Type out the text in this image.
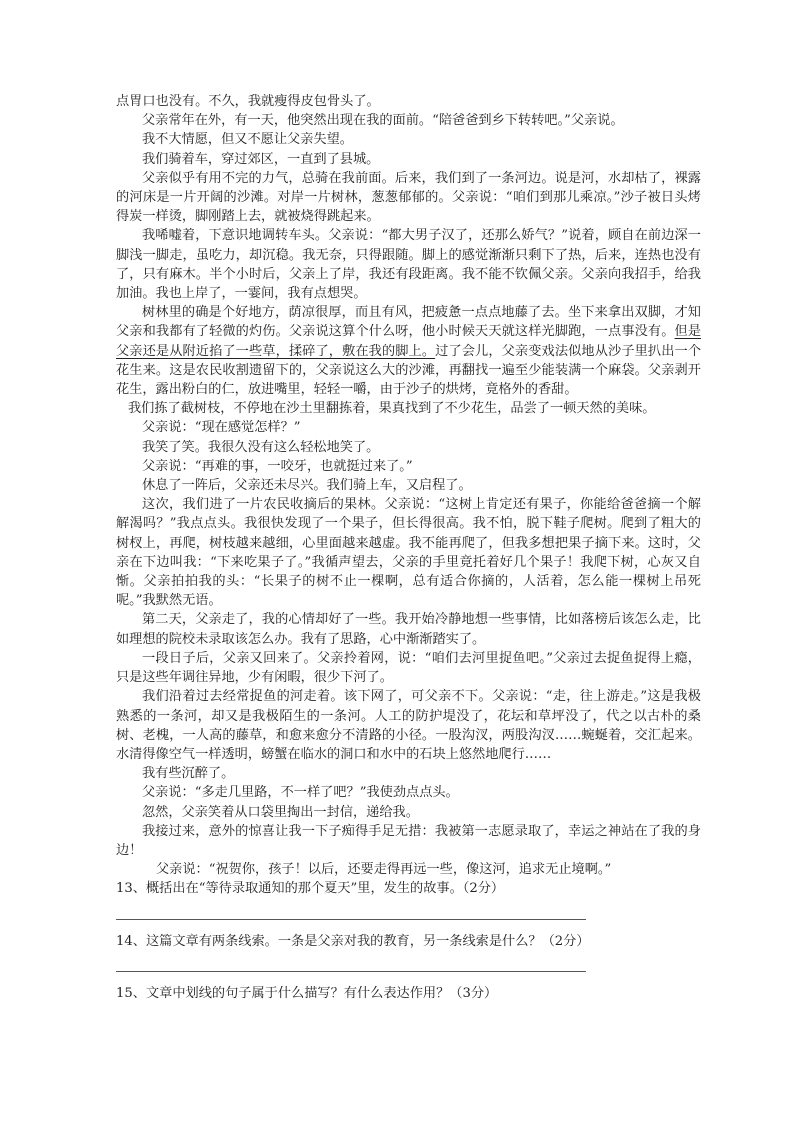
点胃口也没有。不久，我就瘦得皮包骨头了。

父亲常年在外，有一天，他突然出现在我的面前。“陪爸爸到乡下转转吧。”父亲说。

我不大情愿，但又不愿让父亲失望。

我们骑着车，穿过郊区，一直到了县城。

父亲似乎有用不完的力气，总骑在我前面。后来，我们到了一条河边。说是河，水却枯了，裸露的河床是一片开阔的沙滩。对岸一片树林，葱葱郁郁的。父亲说：“咱们到那儿乘凉。”沙子被日头烤得炭一样烫，脚刚踏上去，就被烧得跳起来。

我唏嘘着，下意识地调转车头。父亲说：“都大男子汉了，还那么娇气？”说着，顾自在前边深一脚浅一脚走，虽吃力，却沉稳。我无奈，只得跟随。脚上的感觉渐渐只剩下了热，后来，连热也没有了，只有麻木。半个小时后，父亲上了岸，我还有段距离。我不能不钦佩父亲。父亲向我招手，给我加油。我也上岸了，一霎间，我有点想哭。

树林里的确是个好地方，荫凉很厚，而且有风，把疲惫一点点地藤了去。坐下来拿出双脚，才知父亲和我都有了轻微的灼伤。父亲说这算个什么呀，他小时候天天就这样光脚跑，一点事没有。但是父亲还是从附近掐了一些草，揉碎了，敷在我的脚上。过了会儿，父亲变戏法似地从沙子里扒出一个花生来。这是农民收割遗留下的，父亲说这么大的沙滩，再翻找一遍至少能装满一个麻袋。父亲剥开花生，露出粉白的仁，放进嘴里，轻轻一嚼，由于沙子的烘烤，竟格外的香甜。

我们拣了截树枝，不停地在沙土里翻拣着，果真找到了不少花生，品尝了一顿天然的美味。

父亲说：“现在感觉怎样？”

我笑了笑。我很久没有这么轻松地笑了。

父亲说：“再难的事，一咬牙，也就挺过来了。”

休息了一阵后，父亲还未尽兴。我们骑上车，又启程了。

这次，我们进了一片农民收摘后的果林。父亲说：“这树上肯定还有果子，你能给爸爸摘一个解解渴吗？”我点点头。我很快发现了一个果子，但长得很高。我不怕，脱下鞋子爬树。爬到了粗大的树杈上，再爬，树枝越来越细，心里面越来越虚。我不能再爬了，但我多想把果子摘下来。这时，父亲在下边叫我：“下来吃果子了。”我循声望去，父亲的手里竟托着好几个果子！我爬下树，心灰又自惭。父亲拍拍我的头：“长果子的树不止一棵啊，总有适合你摘的，人活着，怎么能一棵树上吊死呢。”我默然无语。

第二天，父亲走了，我的心情却好了一些。我开始冷静地想一些事情，比如落榜后该怎么走，比如理想的院校未录取该怎么办。我有了思路，心中渐渐踏实了。

一段日子后，父亲又回来了。父亲拎着网，说：“咱们去河里捉鱼吧。”父亲过去捉鱼捉得上瘾，只是这些年调往异地，少有闲暇，很少下河了。

我们沿着过去经常捉鱼的河走着。该下网了，可父亲不下。父亲说：“走，往上游走。”这是我极熟悉的一条河，却又是我极陌生的一条河。人工的防护堤没了，花坛和草坪没了，代之以古朴的桑树、老槐，一人高的藤草，和愈来愈分不清路的小径。一股沟汊，两股沟汊……蜿蜒着，交汇起来。水清得像空气一样透明，螃蟹在临水的洞口和水中的石块上悠然地爬行……

我有些沉醉了。

父亲说：“多走几里路，不一样了吧？”我使劲点点头。

忽然，父亲笑着从口袋里掏出一封信，递给我。

我接过来，意外的惊喜让我一下子痴得手足无措：我被第一志愿录取了，幸运之神站在了我的身边！

父亲说：“祝贺你，孩子！以后，还要走得再远一些，像这河，追求无止境啊。”

13、概括出在“等待录取通知的那个夏天”里，发生的故事。（2分）

14、这篇文章有两条线索。一条是父亲对我的教育，另一条线索是什么？（2分）

15、文章中划线的句子属于什么描写？有什么表达作用？（3分）
